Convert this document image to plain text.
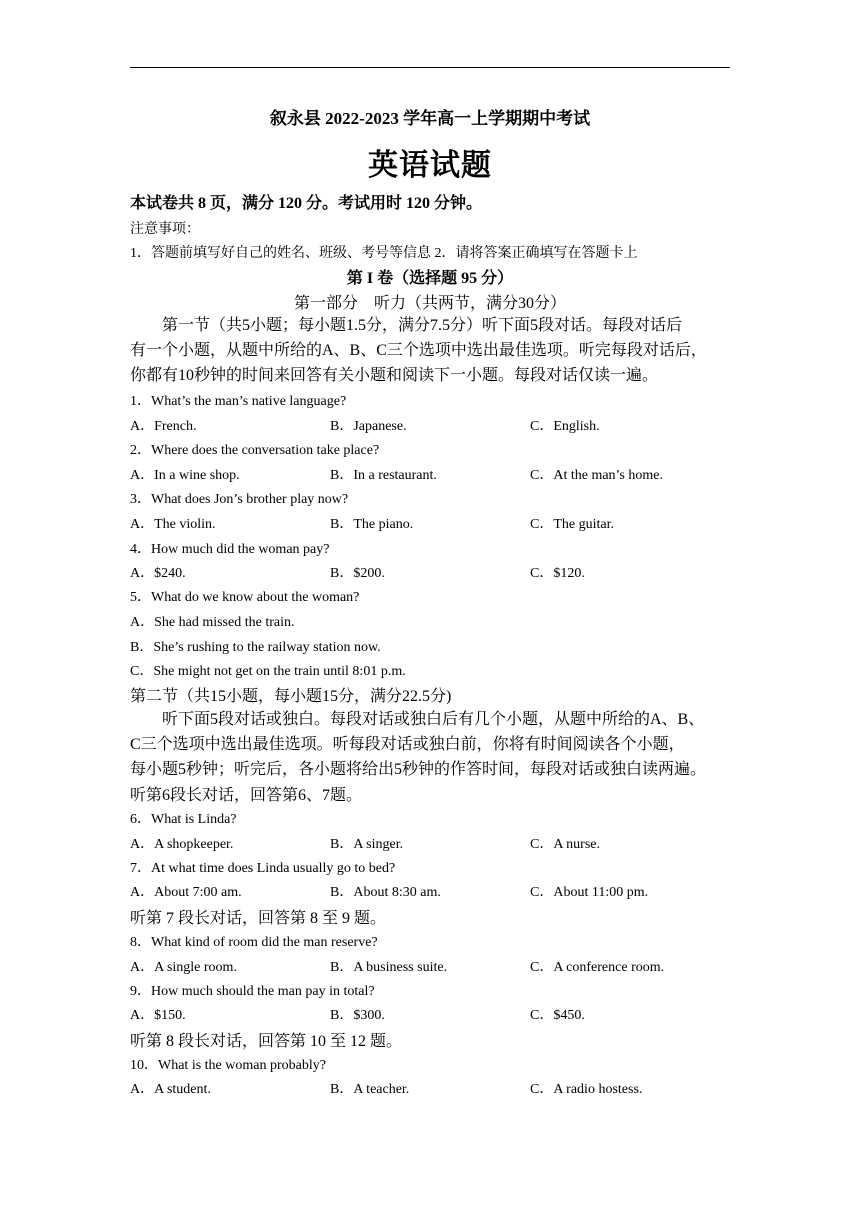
叙永县 2022-2023 学年高一上学期期中考试
英语试题
本试卷共 8 页，满分 120 分。考试用时 120 分钟。
注意事项：
1．答题前填写好自己的姓名、班级、考号等信息 2．请将答案正确填写在答题卡上
第 I 卷（选择题 95 分）
第一部分　听力（共两节，满分30分）
第一节（共5小题；每小题1.5分，满分7.5分）听下面5段对话。每段对话后
有一个小题，从题中所给的A、B、C三个选项中选出最佳选项。听完每段对话后，
你都有10秒钟的时间来回答有关小题和阅读下一小题。每段对话仅读一遍。
1．What’s the man’s native language?
A．French.	B．Japanese.	C．English.
2．Where does the conversation take place?
A．In a wine shop.	B．In a restaurant.	C．At the man’s home.
3．What does Jon’s brother play now?
A．The violin.	B．The piano.	C．The guitar.
4．How much did the woman pay?
A．$240.	B．$200.	C．$120.
5．What do we know about the woman?
A．She had missed the train.
B．She’s rushing to the railway station now.
C．She might not get on the train until 8:01 p.m.
第二节（共15小题，每小题15分，满分22.5分)
听下面5段对话或独白。每段对话或独白后有几个小题，从题中所给的A、B、
C三个选项中选出最佳选项。听每段对话或独白前，你将有时间阅读各个小题，
每小题5秒钟；听完后，各小题将给出5秒钟的作答时间，每段对话或独白读两遍。
听第6段长对话，回答第6、7题。
6．What is Linda?
A．A shopkeeper.	B．A singer.	C．A nurse.
7．At what time does Linda usually go to bed?
A．About 7:00 am.	B．About 8:30 am.	C．About 11:00 pm.
听第 7 段长对话，回答第 8 至 9 题。
8．What kind of room did the man reserve?
A．A single room.	B．A business suite.	C．A conference room.
9．How much should the man pay in total?
A．$150.	B．$300.	C．$450.
听第 8 段长对话，回答第 10 至 12 题。
10．What is the woman probably?
A．A student.	B．A teacher.	C．A radio hostess.
